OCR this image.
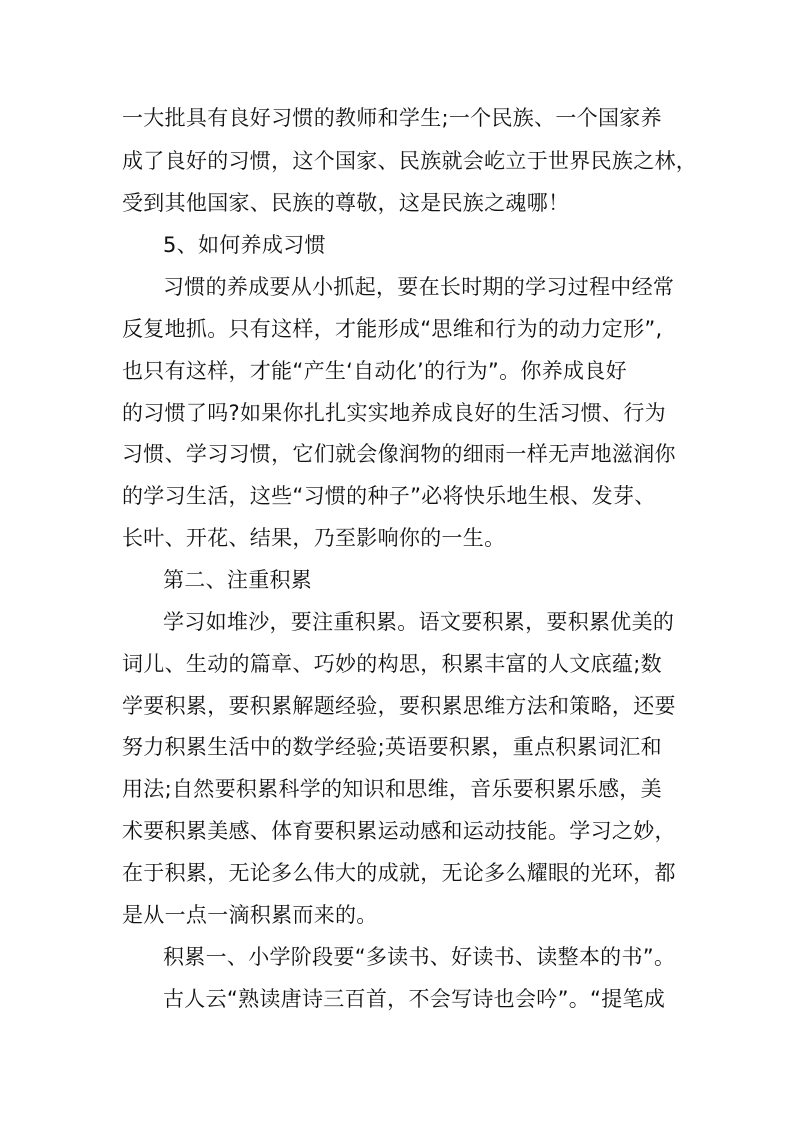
一大批具有良好习惯的教师和学生;一个民族、一个国家养
成了良好的习惯，这个国家、民族就会屹立于世界民族之林，
受到其他国家、民族的尊敬，这是民族之魂哪！
5、如何养成习惯
习惯的养成要从小抓起，要在长时期的学习过程中经常
反复地抓。只有这样，才能形成“思维和行为的动力定形”,
也只有这样，才能“产生‘自动化’的行为”。你养成良好
的习惯了吗?如果你扎扎实实地养成良好的生活习惯、行为
习惯、学习习惯，它们就会像润物的细雨一样无声地滋润你
的学习生活，这些“习惯的种子”必将快乐地生根、发芽、
长叶、开花、结果，乃至影响你的一生。
第二、注重积累
学习如堆沙，要注重积累。语文要积累，要积累优美的
词儿、生动的篇章、巧妙的构思，积累丰富的人文底蕴;数
学要积累，要积累解题经验，要积累思维方法和策略，还要
努力积累生活中的数学经验;英语要积累，重点积累词汇和
用法;自然要积累科学的知识和思维，音乐要积累乐感，美
术要积累美感、体育要积累运动感和运动技能。学习之妙，
在于积累，无论多么伟大的成就，无论多么耀眼的光环，都
是从一点一滴积累而来的。
积累一、小学阶段要“多读书、好读书、读整本的书”。
古人云“熟读唐诗三百首，不会写诗也会吟”。“提笔成
